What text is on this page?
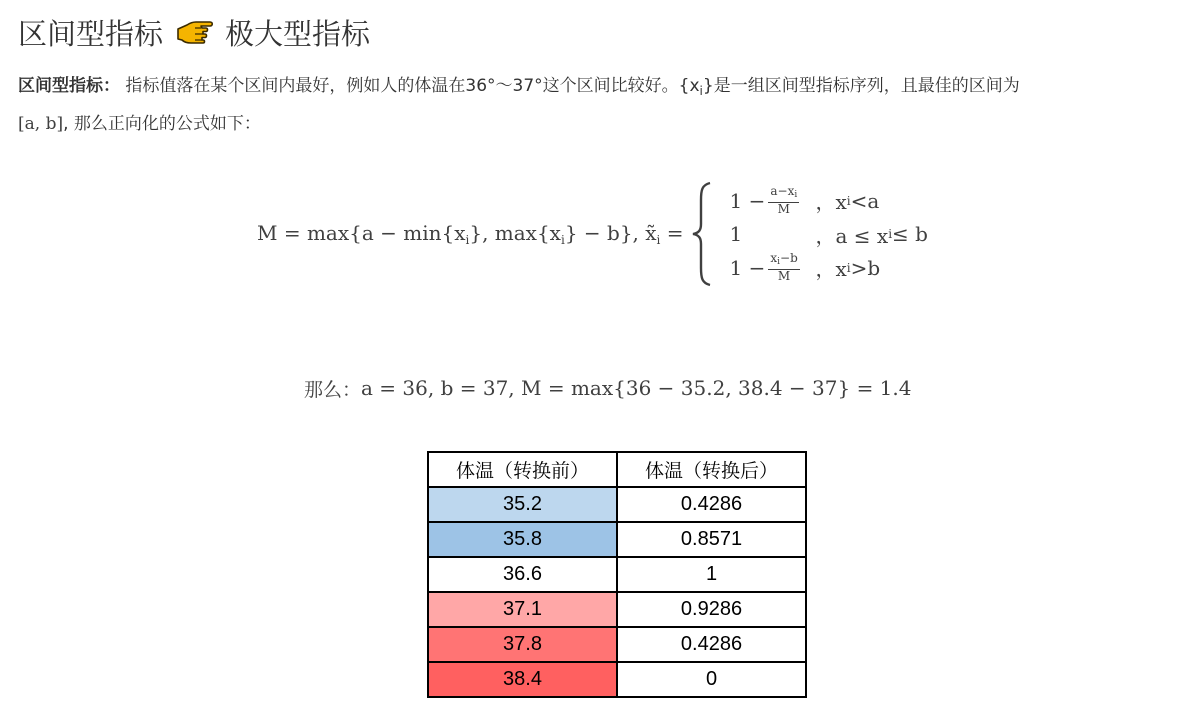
区间型指标 极大型指标
区间型指标： 指标值落在某个区间内最好，例如人的体温在36°～37°这个区间比较好。$\{x_i\}$是一组区间型指标序列，且最佳的区间为
[a, b], 那么正向化的公式如下：
$M = \max\{a - \min\{x_i\}$, $\max\{x_i\} - b$}, $x̃_i$ =
$1 - \frac{a-xi}{M}$ ，x i <a
1	，a ≤ x i ≤ b
$1 - \frac{xi-b}{M}$ ，x i >b
那么： a = 36, b = 37, M = max{36 − 35.2, 38.4 − 37} = 1.4
体温（转换前）	体温（转换后）
35.2	0.4286
35.8	0.8571
36.6	1
37.1	0.9286
37.8	0.4286
38.4	0
